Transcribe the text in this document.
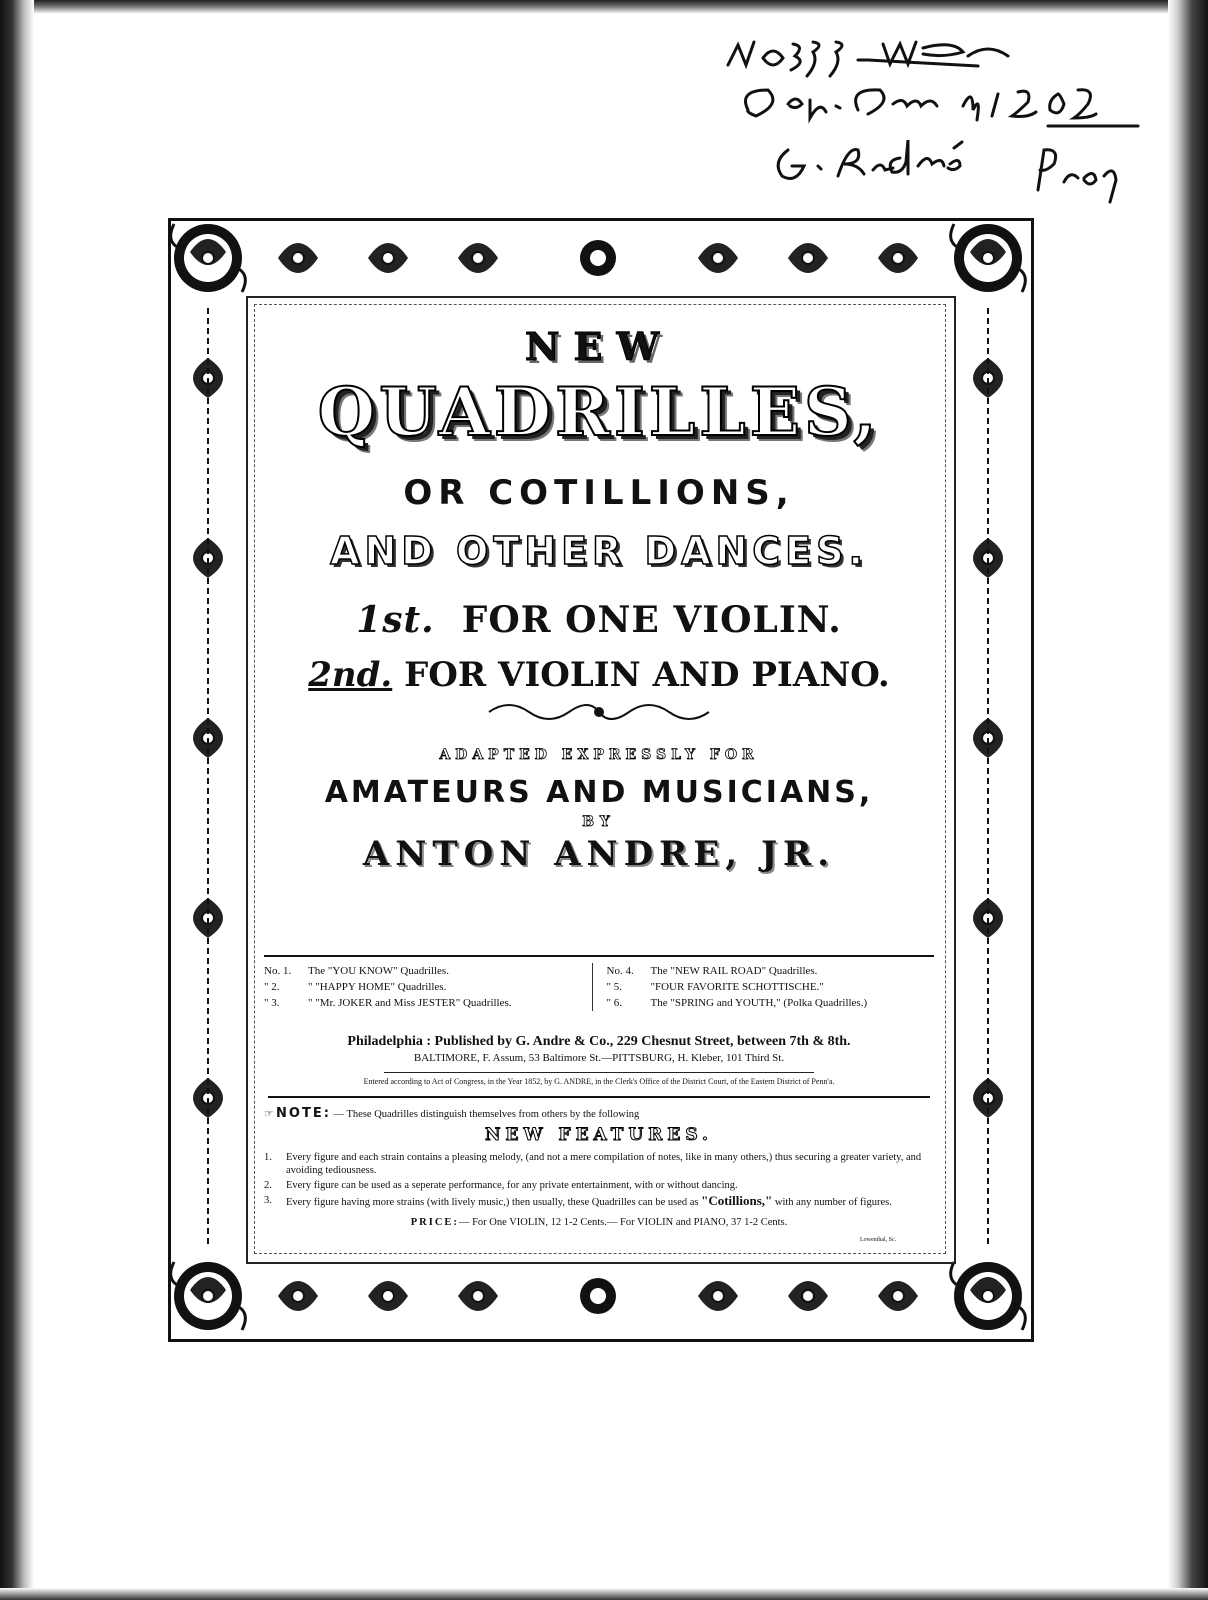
NEW
QUADRILLES,
OR COTILLIONS,
AND OTHER DANCES.
1st. FOR ONE VIOLIN.
2nd. FOR VIOLIN AND PIANO.
ADAPTED EXPRESSLY FOR
AMATEURS AND MUSICIANS,
BY
ANTON ANDRE, JR.
No. 1.	The "YOU KNOW" Quadrilles.
" 2.	" "HAPPY HOME" Quadrilles.
" 3.	" "Mr. JOKER and Miss JESTER" Quadrilles.
No. 4.	The "NEW RAIL ROAD" Quadrilles.
" 5.	"FOUR FAVORITE SCHOTTISCHE."
" 6.	The "SPRING and YOUTH," (Polka Quadrilles.)
Philadelphia : Published by G. Andre & Co., 229 Chesnut Street, between 7th & 8th.
BALTIMORE, F. Assum, 53 Baltimore St.—PITTSBURG, H. Kleber, 101 Third St.
Entered according to Act of Congress, in the Year 1852, by G. ANDRE, in the Clerk's Office of the District Court, of the Eastern District of Penn'a.
☞ NOTE: — These Quadrilles distinguish themselves from others by the following
NEW FEATURES.
1.	Every figure and each strain contains a pleasing melody, (and not a mere compilation of notes, like in many others,) thus securing a greater variety, and avoiding tediousness.
2.	Every figure can be used as a seperate performance, for any private entertainment, with or without dancing.
3.	Every figure having more strains (with lively music,) then usually, these Quadrilles can be used as "Cotillions," with any number of figures.
PRICE:— For One VIOLIN, 12 1-2 Cents.— For VIOLIN and PIANO, 37 1-2 Cents.
Lowenthal, Sc.
